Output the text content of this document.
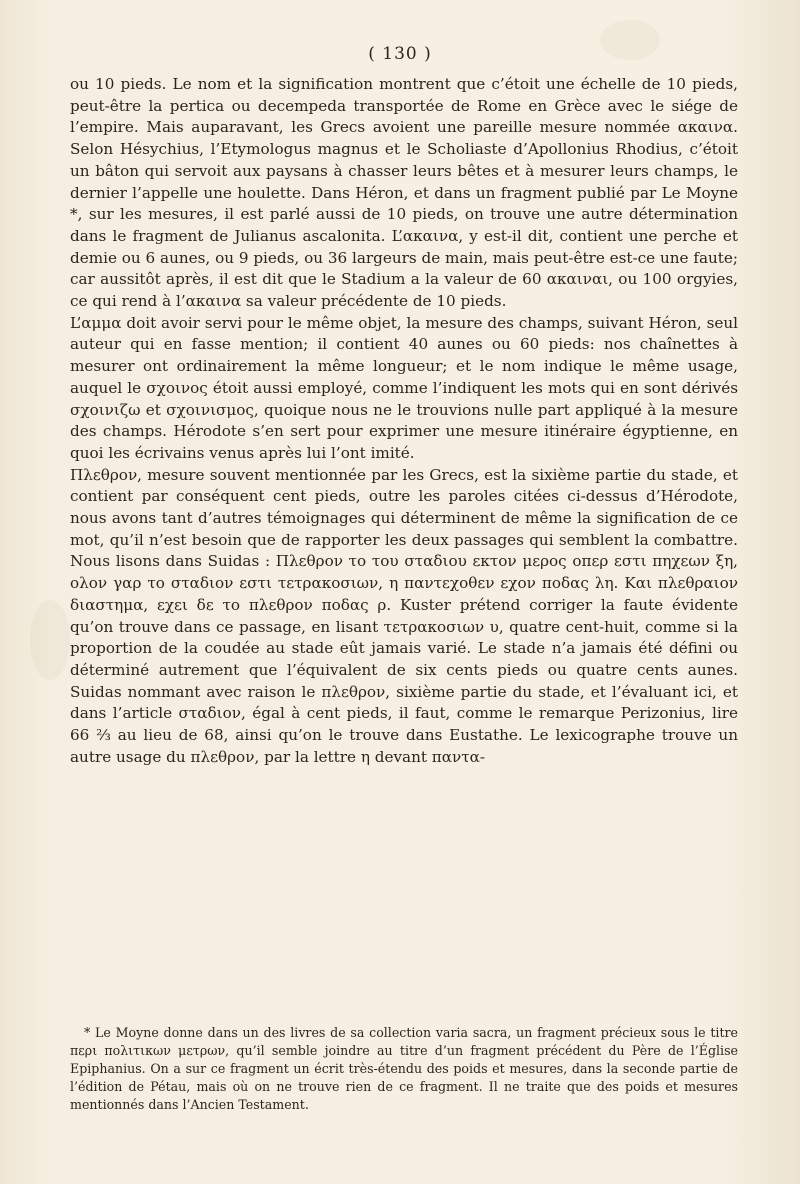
( 130 )

ou 10 pieds. Le nom et la signification montrent que c’étoit une échelle de 10 pieds, peut-être la pertica ou decempeda transportée de Rome en Grèce avec le siége de l’empire. Mais auparavant, les Grecs avoient une pareille mesure nommée ακαινα. Selon Hésychius, l’Etymologus magnus et le Scholiaste d’Apollonius Rhodius, c’étoit un bâton qui servoit aux paysans à chasser leurs bêtes et à mesurer leurs champs, le dernier l’appelle une houlette. Dans Héron, et dans un fragment publié par Le Moyne *, sur les mesures, il est parlé aussi de 10 pieds, on trouve une autre détermination dans le fragment de Julianus ascalonita. L’ακαινα, y est-il dit, contient une perche et demie ou 6 aunes, ou 9 pieds, ou 36 largeurs de main, mais peut-être est-ce une faute; car aussitôt après, il est dit que le Stadium a la valeur de 60 ακαιναι, ou 100 orgyies, ce qui rend à l’ακαινα sa valeur précédente de 10 pieds.

L’αμμα doit avoir servi pour le même objet, la mesure des champs, suivant Héron, seul auteur qui en fasse mention; il contient 40 aunes ou 60 pieds: nos chaînettes à mesurer ont ordinairement la même longueur; et le nom indique le même usage, auquel le σχοινος étoit aussi employé, comme l’indiquent les mots qui en sont dérivés σχοινιζω et σχοινισμος, quoique nous ne le trouvions nulle part appliqué à la mesure des champs. Hérodote s’en sert pour exprimer une mesure itinéraire égyptienne, en quoi les écrivains venus après lui l’ont imité.

Πλεθρον, mesure souvent mentionnée par les Grecs, est la sixième partie du stade, et contient par conséquent cent pieds, outre les paroles citées ci-dessus d’Hérodote, nous avons tant d’autres témoignages qui déterminent de même la signification de ce mot, qu’il n’est besoin que de rapporter les deux passages qui semblent la combattre. Nous lisons dans Suidas : Πλεθρον το του σταδιου εκτον μερος οπερ εστι πηχεων ξη, ολον γαρ το σταδιον εστι τετρακοσιων, η παντεχοθεν εχον ποδας λη. Και πλεθραιον διαστημα, εχει δε το πλεθρον ποδας ρ. Kuster prétend corriger la faute évidente qu’on trouve dans ce passage, en lisant τετρακοσιων υ, quatre cent-huit, comme si la proportion de la coudée au stade eût jamais varié. Le stade n’a jamais été défini ou déterminé autrement que l’équivalent de six cents pieds ou quatre cents aunes. Suidas nommant avec raison le πλεθρον, sixième partie du stade, et l’évaluant ici, et dans l’article σταδιον, égal à cent pieds, il faut, comme le remarque Perizonius, lire 66 ⅔ au lieu de 68, ainsi qu’on le trouve dans Eustathe. Le lexicographe trouve un autre usage du πλεθρον, par la lettre η devant παντα-

* Le Moyne donne dans un des livres de sa collection varia sacra, un fragment précieux sous le titre περι πολιτικων μετρων, qu’il semble joindre au titre d’un fragment précédent du Père de l’Église Epiphanius. On a sur ce fragment un écrit très-étendu des poids et mesures, dans la seconde partie de l’édition de Pétau, mais où on ne trouve rien de ce fragment. Il ne traite que des poids et mesures mentionnés dans l’Ancien Testament.
